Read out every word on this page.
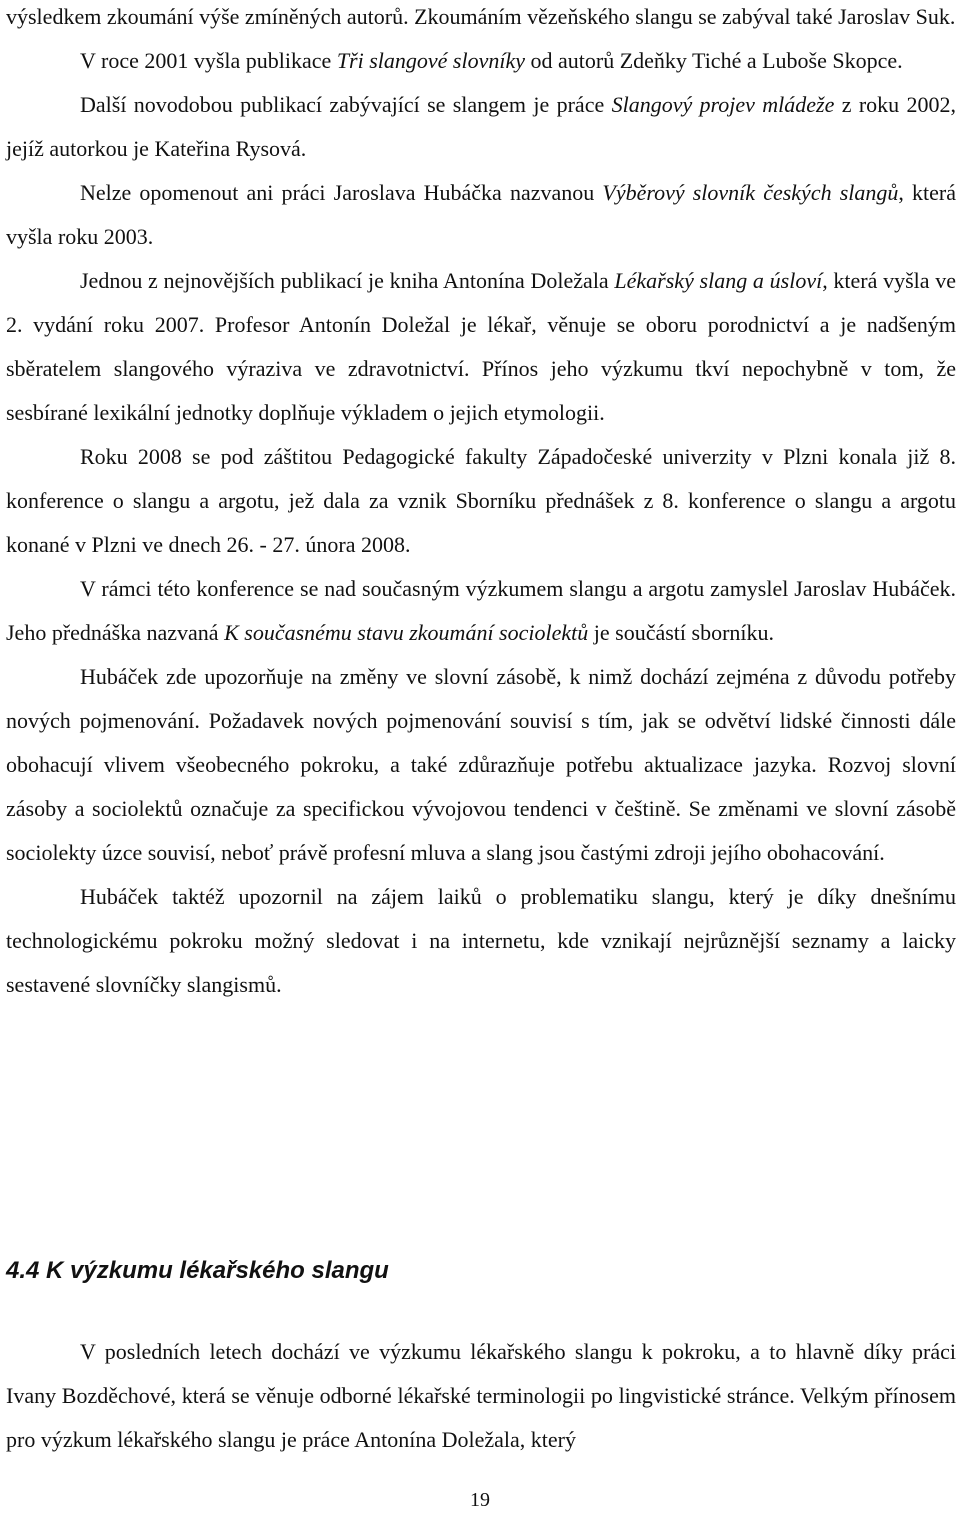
výsledkem zkoumání výše zmíněných autorů. Zkoumáním vězeňského slangu se zabýval také Jaroslav Suk.

V roce 2001 vyšla publikace Tři slangové slovníky od autorů Zdeňky Tiché a Luboše Skopce.

Další novodobou publikací zabývající se slangem je práce Slangový projev mládeže z roku 2002, jejíž autorkou je Kateřina Rysová.

Nelze opomenout ani práci Jaroslava Hubáčka nazvanou Výběrový slovník českých slangů, která vyšla roku 2003.

Jednou z nejnovějších publikací je kniha Antonína Doležala Lékařský slang a úsloví, která vyšla ve 2. vydání roku 2007. Profesor Antonín Doležal je lékař, věnuje se oboru porodnictví a je nadšeným sběratelem slangového výraziva ve zdravotnictví. Přínos jeho výzkumu tkví nepochybně v tom, že sesbírané lexikální jednotky doplňuje výkladem o jejich etymologii.

Roku 2008 se pod záštitou Pedagogické fakulty Západočeské univerzity v Plzni konala již 8. konference o slangu a argotu, jež dala za vznik Sborníku přednášek z 8. konference o slangu a argotu konané v Plzni ve dnech 26. - 27. února 2008.

V rámci této konference se nad současným výzkumem slangu a argotu zamyslel Jaroslav Hubáček. Jeho přednáška nazvaná K současnému stavu zkoumání sociolektů je součástí sborníku.

Hubáček zde upozorňuje na změny ve slovní zásobě, k nimž dochází zejména z důvodu potřeby nových pojmenování. Požadavek nových pojmenování souvisí s tím, jak se odvětví lidské činnosti dále obohacují vlivem všeobecného pokroku, a také zdůrazňuje potřebu aktualizace jazyka. Rozvoj slovní zásoby a sociolektů označuje za specifickou vývojovou tendenci v češtině. Se změnami ve slovní zásobě sociolekty úzce souvisí, neboť právě profesní mluva a slang jsou častými zdroji jejího obohacování.

Hubáček taktéž upozornil na zájem laiků o problematiku slangu, který je díky dnešnímu technologickému pokroku možný sledovat i na internetu, kde vznikají nejrůznější seznamy a laicky sestavené slovníčky slangismů.

4.4 K výzkumu lékařského slangu

V posledních letech dochází ve výzkumu lékařského slangu k pokroku, a to hlavně díky práci Ivany Bozděchové, která se věnuje odborné lékařské terminologii po lingvistické stránce. Velkým přínosem pro výzkum lékařského slangu je práce Antonína Doležala, který

19
